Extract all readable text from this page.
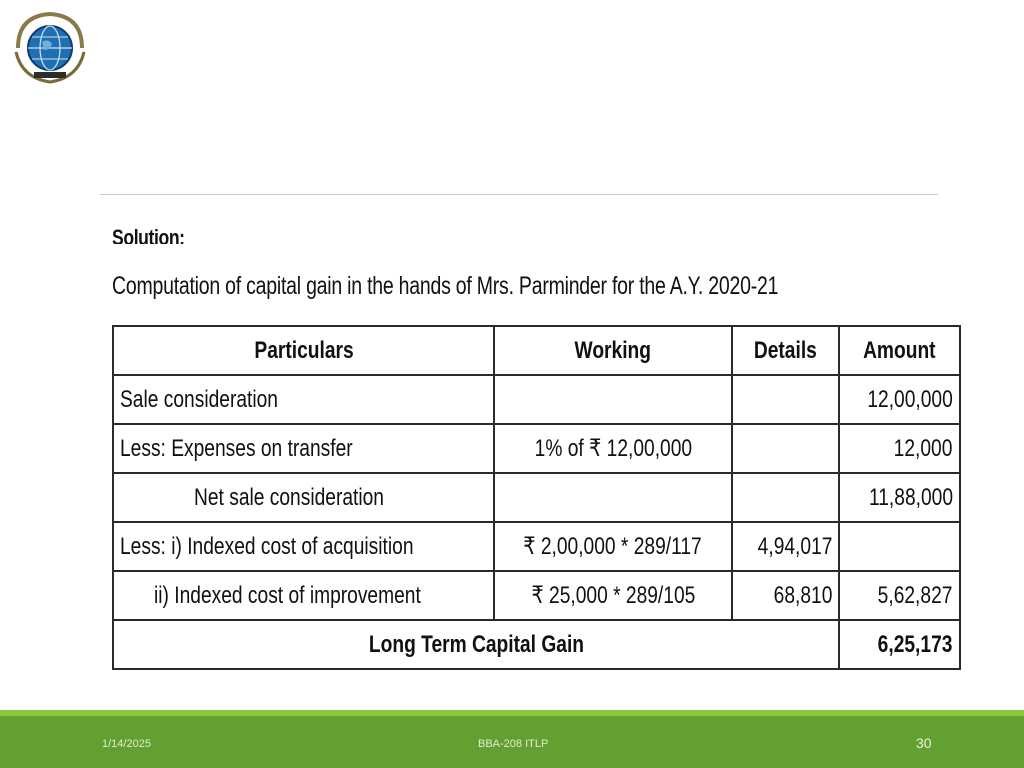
Solution:
Computation of capital gain in the hands of Mrs. Parminder for the A.Y. 2020-21
Particulars	Working	Details	Amount
Sale consideration			12,00,000
Less: Expenses on transfer	1% of ₹ 12,00,000		12,000
Net sale consideration			11,88,000
Less: i) Indexed cost of acquisition	₹ 2,00,000 * 289/117	4,94,017	
ii) Indexed cost of improvement	₹ 25,000 * 289/105	68,810	5,62,827
Long Term Capital Gain			6,25,173
1/14/2025	BBA-208 ITLP	30
